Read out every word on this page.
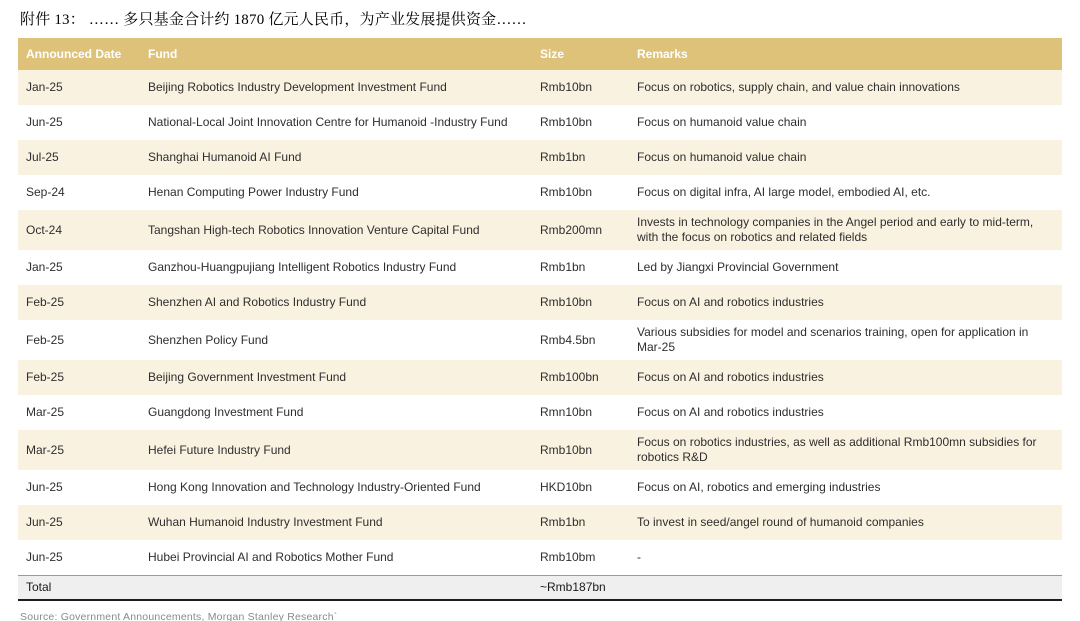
附件 13： …… 多只基金合计约 1870 亿元人民币，为产业发展提供资金……
Announced Date	Fund	Size	Remarks
Jan-25	Beijing Robotics Industry Development Investment Fund	Rmb10bn	Focus on robotics, supply chain, and value chain innovations
Jun-25	National-Local Joint Innovation Centre for Humanoid -Industry Fund	Rmb10bn	Focus on humanoid value chain
Jul-25	Shanghai Humanoid AI Fund	Rmb1bn	Focus on humanoid value chain
Sep-24	Henan Computing Power Industry Fund	Rmb10bn	Focus on digital infra, AI large model, embodied AI, etc.
Oct-24	Tangshan High-tech Robotics Innovation Venture Capital Fund	Rmb200mn	Invests in technology companies in the Angel period and early to mid-term, with the focus on robotics and related fields
Jan-25	Ganzhou-Huangpujiang Intelligent Robotics Industry Fund	Rmb1bn	Led by Jiangxi Provincial Government
Feb-25	Shenzhen AI and Robotics Industry Fund	Rmb10bn	Focus on AI and robotics industries
Feb-25	Shenzhen Policy Fund	Rmb4.5bn	Various subsidies for model and scenarios training, open for application in Mar-25
Feb-25	Beijing Government Investment Fund	Rmb100bn	Focus on AI and robotics industries
Mar-25	Guangdong Investment Fund	Rmn10bn	Focus on AI and robotics industries
Mar-25	Hefei Future Industry Fund	Rmb10bn	Focus on robotics industries, as well as additional Rmb100mn subsidies for robotics R&D
Jun-25	Hong Kong Innovation and Technology Industry-Oriented Fund	HKD10bn	Focus on AI, robotics and emerging industries
Jun-25	Wuhan Humanoid Industry Investment Fund	Rmb1bn	To invest in seed/angel round of humanoid companies
Jun-25	Hubei Provincial AI and Robotics Mother Fund	Rmb10bm	-
Total		~Rmb187bn	
Source: Government Announcements, Morgan Stanley Research`
